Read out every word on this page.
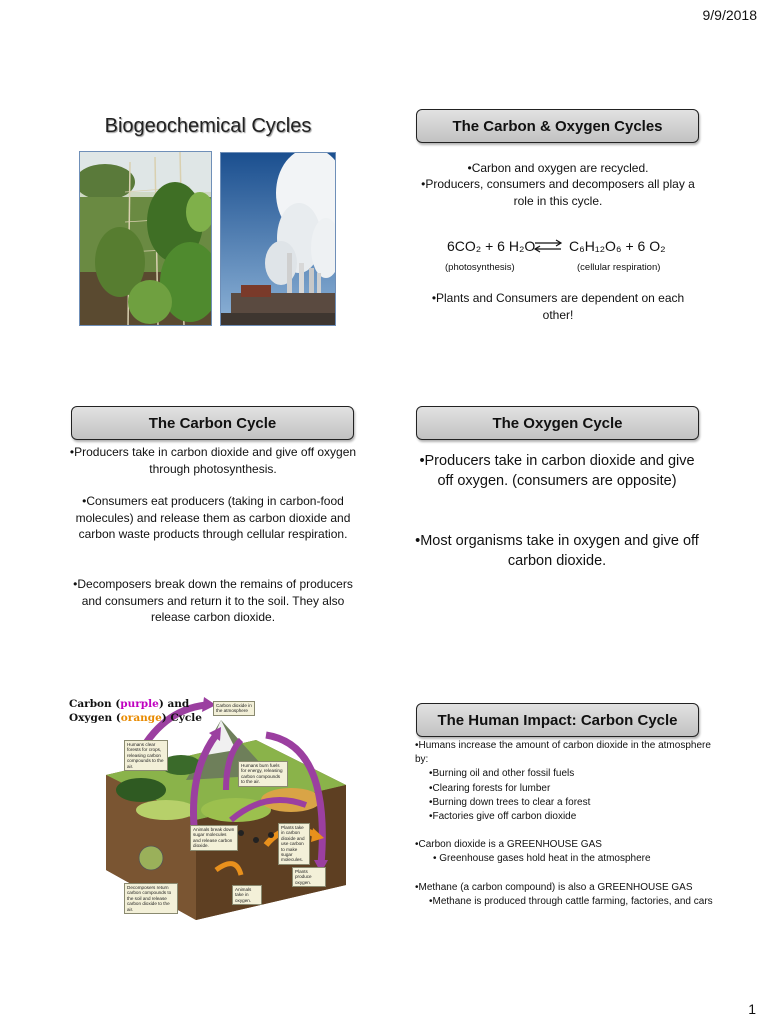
9/9/2018
Biogeochemical Cycles	The Carbon & Oxygen Cycles
•Carbon and oxygen are recycled.
•Producers, consumers and decomposers all play a role in this cycle.
6CO₂ + 6 H₂O ⇌ C₆H₁₂O₆ + 6 O₂
(photosynthesis)	(cellular respiration)
•Plants and Consumers are dependent on each other!
The Carbon Cycle
•Producers take in carbon dioxide and give off oxygen through photosynthesis.
•Consumers eat producers (taking in carbon-food molecules) and release them as carbon dioxide and carbon waste products through cellular respiration.
•Decomposers break down the remains of producers and consumers and return it to the soil. They also release carbon dioxide.
The Oxygen Cycle
•Producers take in carbon dioxide and give off oxygen. (consumers are opposite)
•Most organisms take in oxygen and give off carbon dioxide.
Carbon (purple) and
Oxygen (orange) Cycle
Carbon dioxide in the atmosphere
Humans clear forests for crops, releasing carbon compounds to the air.	Humans burn fuels for energy, releasing carbon compounds to the air.
Animals break down sugar molecules and release carbon dioxide.
Plants take in carbon dioxide and use carbon to make sugar molecules.
Plants produce oxygen.
Decomposers return carbon compounds to the soil and release carbon dioxide to the air.
Animals take in oxygen.
The Human Impact: Carbon Cycle
•Humans increase the amount of carbon dioxide in the atmosphere by:
•Burning oil and other fossil fuels
•Clearing forests for lumber
•Burning down trees to clear a forest
•Factories give off carbon dioxide
•Carbon dioxide is a GREENHOUSE GAS
• Greenhouse gases hold heat in the atmosphere
•Methane (a carbon compound) is also a GREENHOUSE GAS
•Methane is produced through cattle farming, factories, and cars
1
